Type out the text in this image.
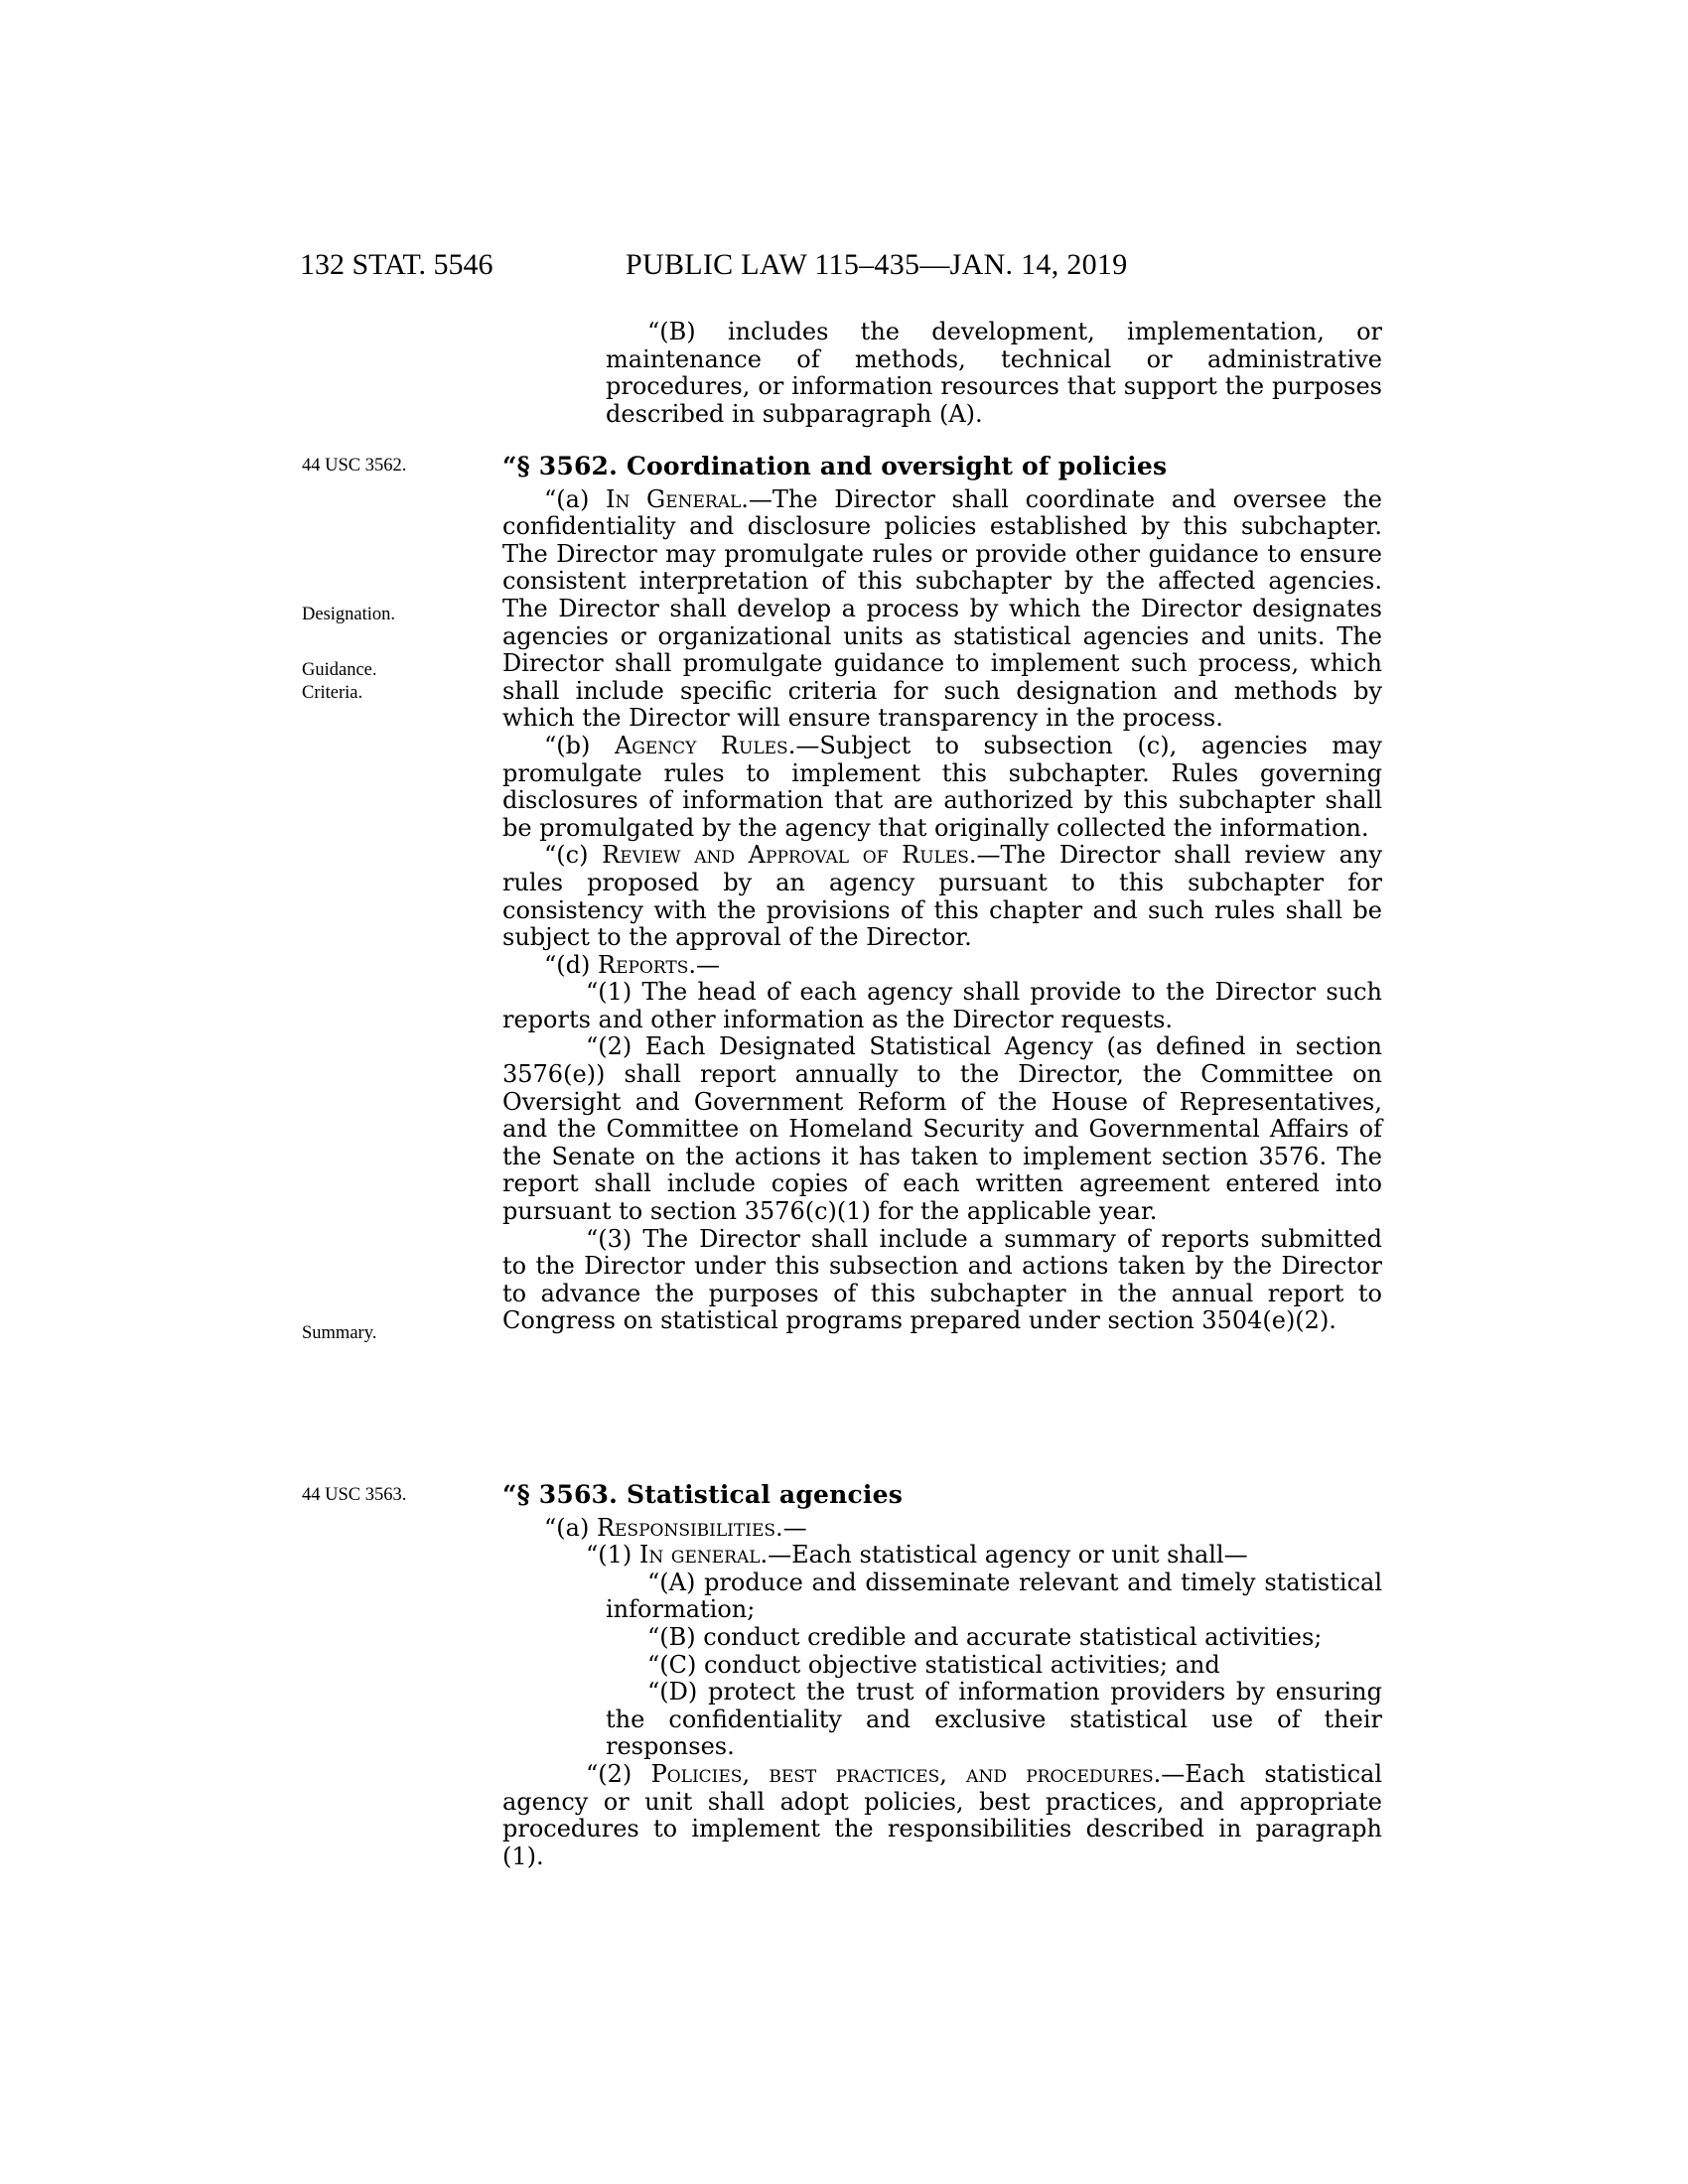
132 STAT. 5546	PUBLIC LAW 115–435—JAN. 14, 2019
44 USC 3562.
Designation.
Guidance.
Criteria.
Summary.
44 USC 3563.

“(B) includes the development, implementation, or maintenance of methods, technical or administrative procedures, or information resources that support the purposes described in subparagraph (A).

“§ 3562. Coordination and oversight of policies

“(a) In General.—The Director shall coordinate and oversee the confidentiality and disclosure policies established by this subchapter. The Director may promulgate rules or provide other guidance to ensure consistent interpretation of this subchapter by the affected agencies. The Director shall develop a process by which the Director designates agencies or organizational units as statistical agencies and units. The Director shall promulgate guidance to implement such process, which shall include specific criteria for such designation and methods by which the Director will ensure transparency in the process.

“(b) Agency Rules.—Subject to subsection (c), agencies may promulgate rules to implement this subchapter. Rules governing disclosures of information that are authorized by this subchapter shall be promulgated by the agency that originally collected the information.

“(c) Review and Approval of Rules.—The Director shall review any rules proposed by an agency pursuant to this subchapter for consistency with the provisions of this chapter and such rules shall be subject to the approval of the Director.

“(d) Reports.—

“(1) The head of each agency shall provide to the Director such reports and other information as the Director requests.

“(2) Each Designated Statistical Agency (as defined in section 3576(e)) shall report annually to the Director, the Committee on Oversight and Government Reform of the House of Representatives, and the Committee on Homeland Security and Governmental Affairs of the Senate on the actions it has taken to implement section 3576. The report shall include copies of each written agreement entered into pursuant to section 3576(c)(1) for the applicable year.

“(3) The Director shall include a summary of reports submitted to the Director under this subsection and actions taken by the Director to advance the purposes of this subchapter in the annual report to Congress on statistical programs prepared under section 3504(e)(2).

“§ 3563. Statistical agencies

“(a) Responsibilities.—

“(1) In general.—Each statistical agency or unit shall—

“(A) produce and disseminate relevant and timely statistical information;

“(B) conduct credible and accurate statistical activities;

“(C) conduct objective statistical activities; and

“(D) protect the trust of information providers by ensuring the confidentiality and exclusive statistical use of their responses.

“(2) Policies, best practices, and procedures.—Each statistical agency or unit shall adopt policies, best practices, and appropriate procedures to implement the responsibilities described in paragraph (1).
